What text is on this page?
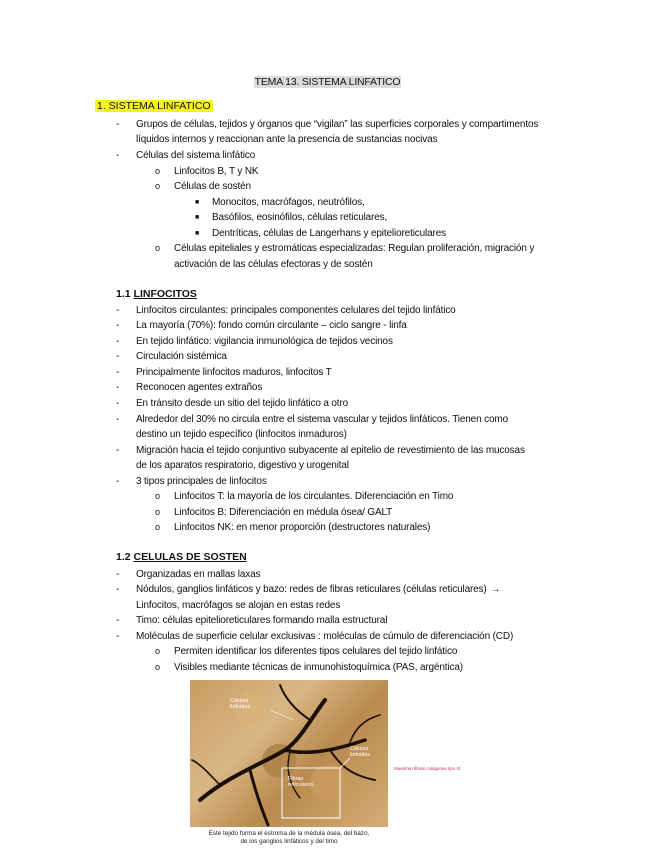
TEMA 13. SISTEMA LINFATICO
1. SISTEMA LINFATICO
- Grupos de células, tejidos y órganos que “vigilan” las superficies corporales y compartimentos
líquidos internos y reaccionan ante la presencia de sustancias nocivas
- Células del sistema linfático
o Linfocitos B, T y NK
o Células de sostén
■ Monocitos, macrófagos, neutrófilos,
■ Basófilos, eosinófilos, células reticulares,
■ Dentríticas, células de Langerhans y epitelioreticulares
o Células epiteliales y estromáticas especializadas: Regulan proliferación, migración y
activación de las células efectoras y de sostén
1.1 LINFOCITOS
- Linfocitos circulantes: principales componentes celulares del tejido linfático
- La mayoría (70%): fondo común circulante – ciclo sangre - linfa
- En tejido linfático: vigilancia inmunológica de tejidos vecinos
- Circulación sistémica
- Principalmente linfocitos maduros, linfocitos T
- Reconocen agentes extraños
- En tránsito desde un sitio del tejido linfático a otro
- Alrededor del 30% no circula entre el sistema vascular y tejidos linfáticos. Tienen como
destino un tejido específico (linfocitos inmaduros)
- Migración hacia el tejido conjuntivo subyacente al epitelio de revestimiento de las mucosas
de los aparatos respiratorio, digestivo y urogenital
- 3 tipos principales de linfocitos
o Linfocitos T: la mayoría de los circulantes. Diferenciación en Timo
o Linfocitos B: Diferenciación en médula ósea/ GALT
o Linfocitos NK: en menor proporción (destructores naturales)
1.2 CELULAS DE SOSTEN
- Organizadas en mallas laxas
- Nódulos, ganglios linfáticos y bazo: redes de fibras reticulares (células reticulares) →
Linfocitos, macrófagos se alojan en estas redes
- Timo: células epitelioreticulares formando malla estructural
- Moléculas de superficie celular exclusivas : moléculas de cúmulo de diferenciación (CD)
o Permiten identificar los diferentes tipos celulares del tejido linfático
o Visibles mediante técnicas de inmunohistoquímica (PAS, argéntica)
Células linfoides
Células linfoides
Fibras reticulares
Muestran fibras colágenas tipo III
Este tejido forma el estroma de la médula ósea, del bazo,
de los ganglios linfáticos y del timo
